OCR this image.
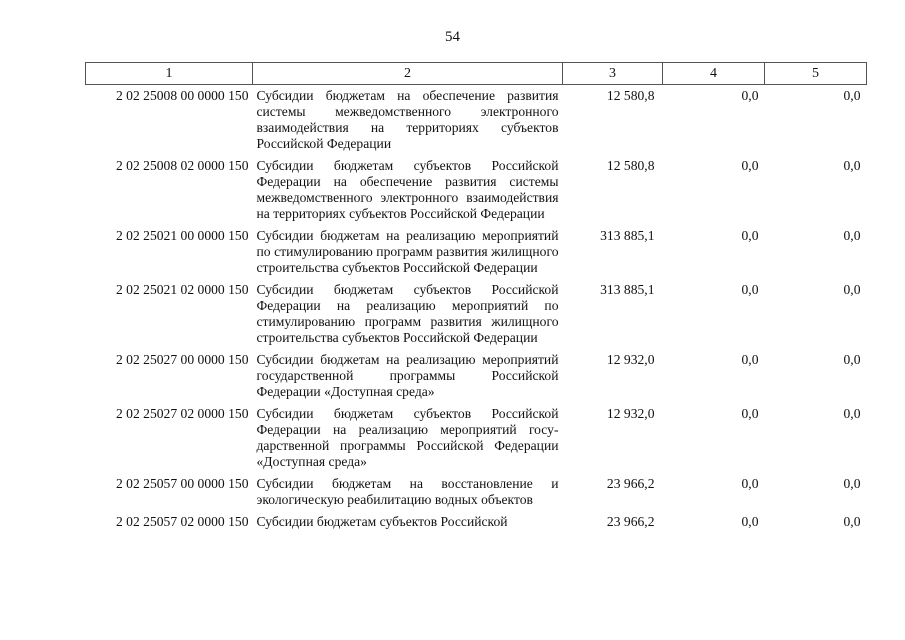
54
1	2	3	4	5
2 02 25008 00 0000 150	Субсидии бюджетам на обеспечение развития системы межведомственного электронного взаимодействия на территориях субъектов Российской Федерации	12 580,8	0,0	0,0
2 02 25008 02 0000 150	Субсидии бюджетам субъектов Российской Федерации на обеспечение развития системы межведомственного электронного взаимодействия на территориях субъектов Российской Федерации	12 580,8	0,0	0,0
2 02 25021 00 0000 150	Субсидии бюджетам на реализацию мероприятий по стимулированию программ развития жилищного строительства субъектов Российской Федерации	313 885,1	0,0	0,0
2 02 25021 02 0000 150	Субсидии бюджетам субъектов Российской Федерации на реализацию мероприятий по стимулированию программ развития жилищного строительства субъектов Российской Федерации	313 885,1	0,0	0,0
2 02 25027 00 0000 150	Субсидии бюджетам на реализацию мероприятий государственной программы Российской Федерации «Доступная среда»	12 932,0	0,0	0,0
2 02 25027 02 0000 150	Субсидии бюджетам субъектов Российской Федерации на реализацию мероприятий государственной программы Российской Федерации «Доступная среда»	12 932,0	0,0	0,0
2 02 25057 00 0000 150	Субсидии бюджетам на восстановление и экологическую реабилитацию водных объектов	23 966,2	0,0	0,0
2 02 25057 02 0000 150	Субсидии бюджетам субъектов Российской	23 966,2	0,0	0,0
